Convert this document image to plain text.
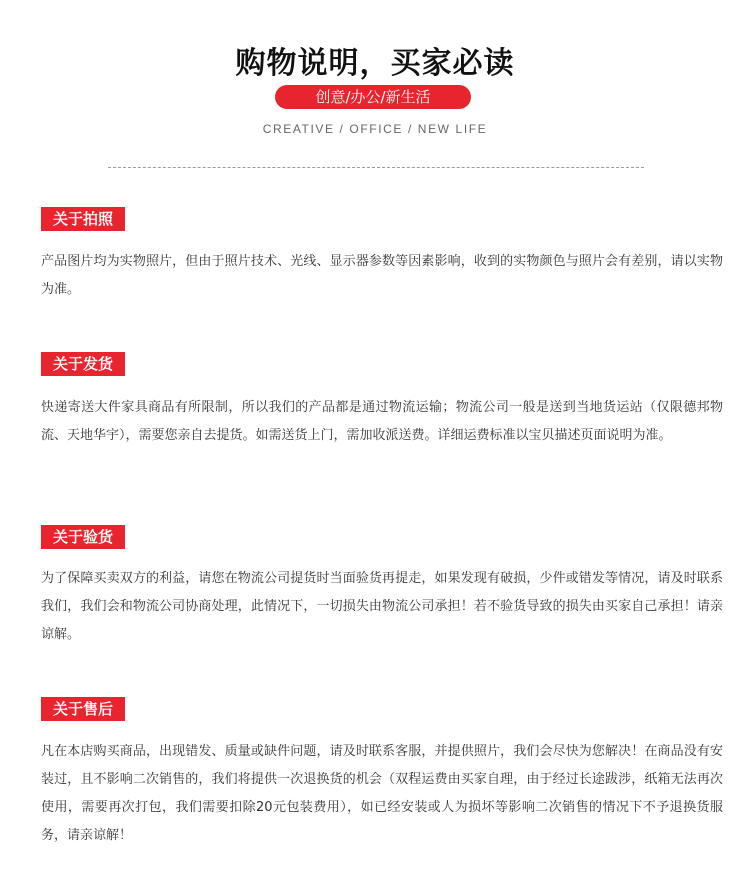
购物说明，买家必读
创意/办公/新生活
CREATIVE / OFFICE / NEW LIFE
关于拍照
产品图片均为实物照片，但由于照片技术、光线、显示器参数等因素影响，收到的实物颜色与照片会有差别，请以实物为准。
关于发货
快递寄送大件家具商品有所限制，所以我们的产品都是通过物流运输；物流公司一般是送到当地货运站（仅限德邦物流、天地华宇），需要您亲自去提货。如需送货上门，需加收派送费。详细运费标准以宝贝描述页面说明为准。
关于验货
为了保障买卖双方的利益，请您在物流公司提货时当面验货再提走，如果发现有破损，少件或错发等情况，请及时联系我们，我们会和物流公司协商处理，此情况下，一切损失由物流公司承担！若不验货导致的损失由买家自己承担！请亲谅解。
关于售后
凡在本店购买商品，出现错发、质量或缺件问题，请及时联系客服，并提供照片，我们会尽快为您解决！在商品没有安装过，且不影响二次销售的，我们将提供一次退换货的机会（双程运费由买家自理，由于经过长途跋涉，纸箱无法再次使用，需要再次打包，我们需要扣除20元包装费用），如已经安装或人为损坏等影响二次销售的情况下不予退换货服务，请亲谅解！
